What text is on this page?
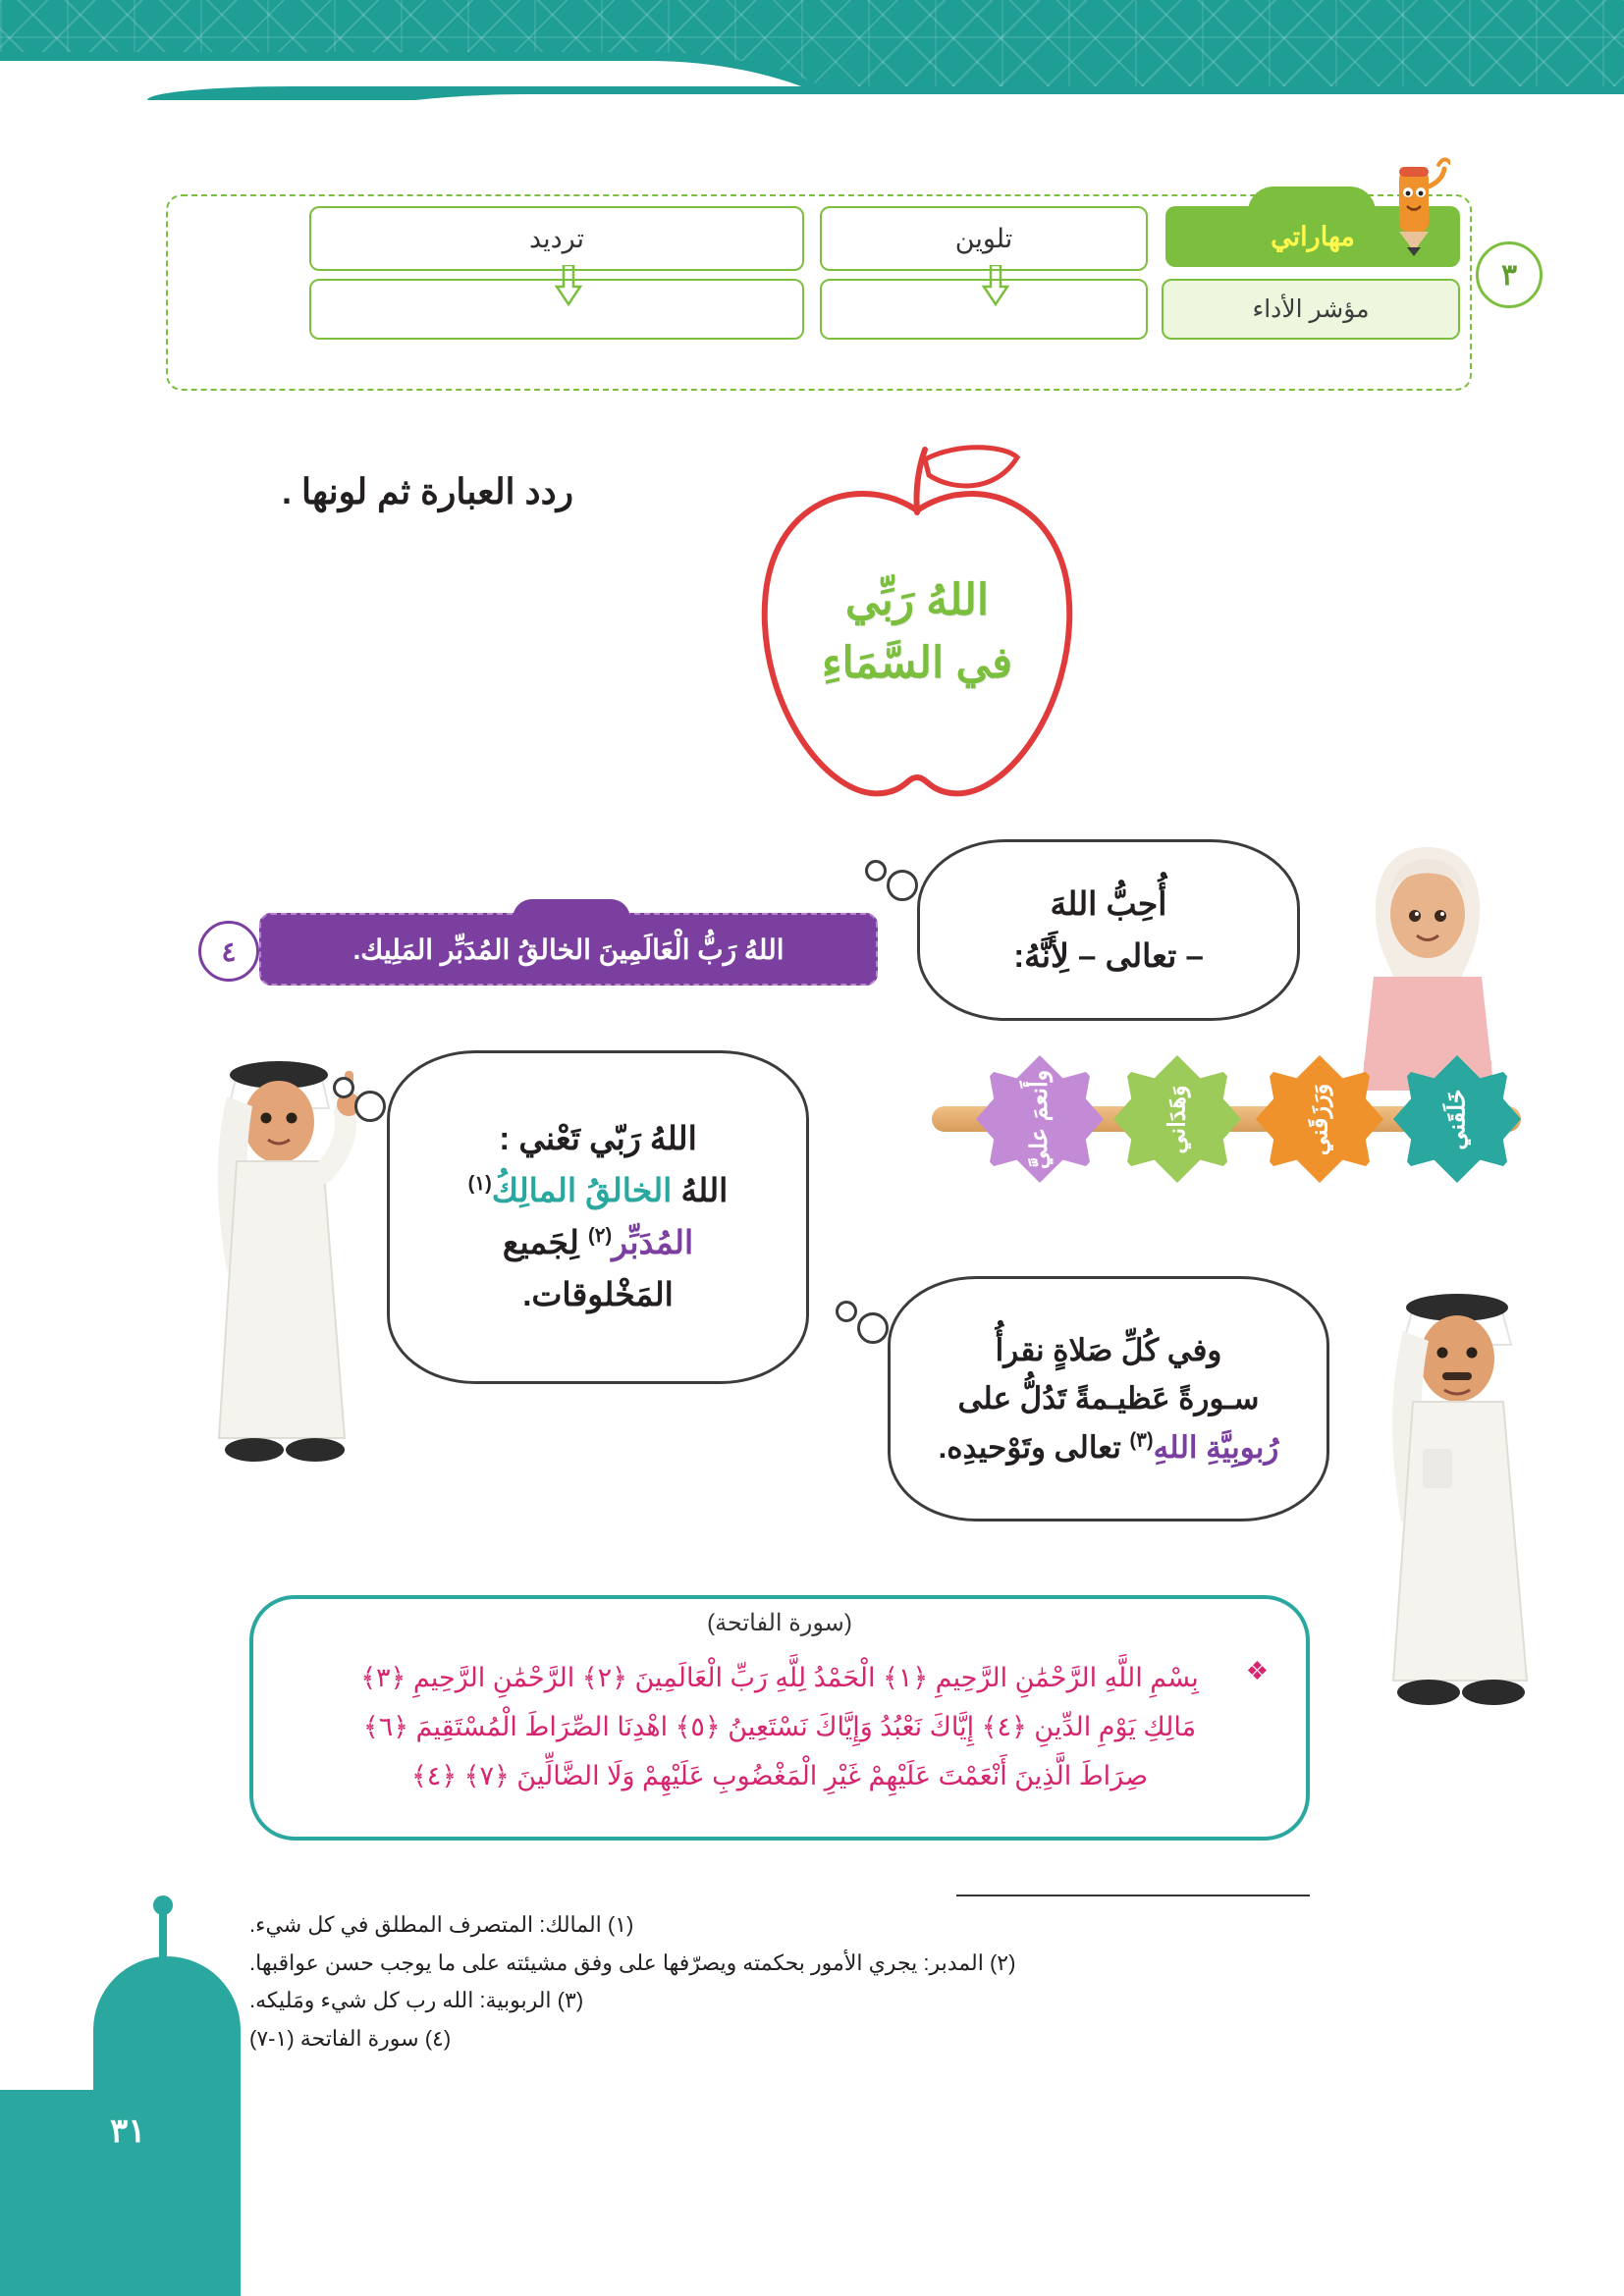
٣١
٣
مهاراتي
تلوين
ترديد
مؤشر الأداء
ردد العبارة ثم لونها .
اللهُ رَبِّي
في السَّمَاءِ
اللهُ رَبُّ الْعَالَمِينَ الخالقُ المُدَبِّر المَلِيك.
٤
أُحِبُّ اللهَ
– تعالى – لِأَنَّهُ:
خَلَقَني
وَرَزَقَني
وَهَدَاني
وأَنعمَ عليَّ
اللهُ رَبّي تَعْني :
اللهُ الخالقُ المالِكُ$^{(١)}$
المُدَبِّر$^{(٢)}$ لِجَميع
المَخْلوقات.
وفي كُلِّ صَلاةٍ نقرأُ
سـورةً عَظيـمةً تَدُلُّ على
رُبوبِيَّةِ اللهِ$^{(٣)}$ تعالى وتَوْحيدِه.
(سورة الفاتحة)
❖
بِسْمِ اللَّهِ الرَّحْمَٰنِ الرَّحِيمِ ﴿١﴾ الْحَمْدُ لِلَّهِ رَبِّ الْعَالَمِينَ ﴿٢﴾ الرَّحْمَٰنِ الرَّحِيمِ ﴿٣﴾
مَالِكِ يَوْمِ الدِّينِ ﴿٤﴾ إِيَّاكَ نَعْبُدُ وَإِيَّاكَ نَسْتَعِينُ ﴿٥﴾ اهْدِنَا الصِّرَاطَ الْمُسْتَقِيمَ ﴿٦﴾
صِرَاطَ الَّذِينَ أَنْعَمْتَ عَلَيْهِمْ غَيْرِ الْمَغْضُوبِ عَلَيْهِمْ وَلَا الضَّالِّينَ ﴿٧﴾ ﴿٤﴾
(١) المالك: المتصرف المطلق في كل شيء.
(٢) المدبر: يجري الأمور بحكمته ويصرّفها على وفق مشيئته على ما يوجب حسن عواقبها.
(٣) الربوبية: الله رب كل شيء ومَليكه.
(٤) سورة الفاتحة (١-٧)
